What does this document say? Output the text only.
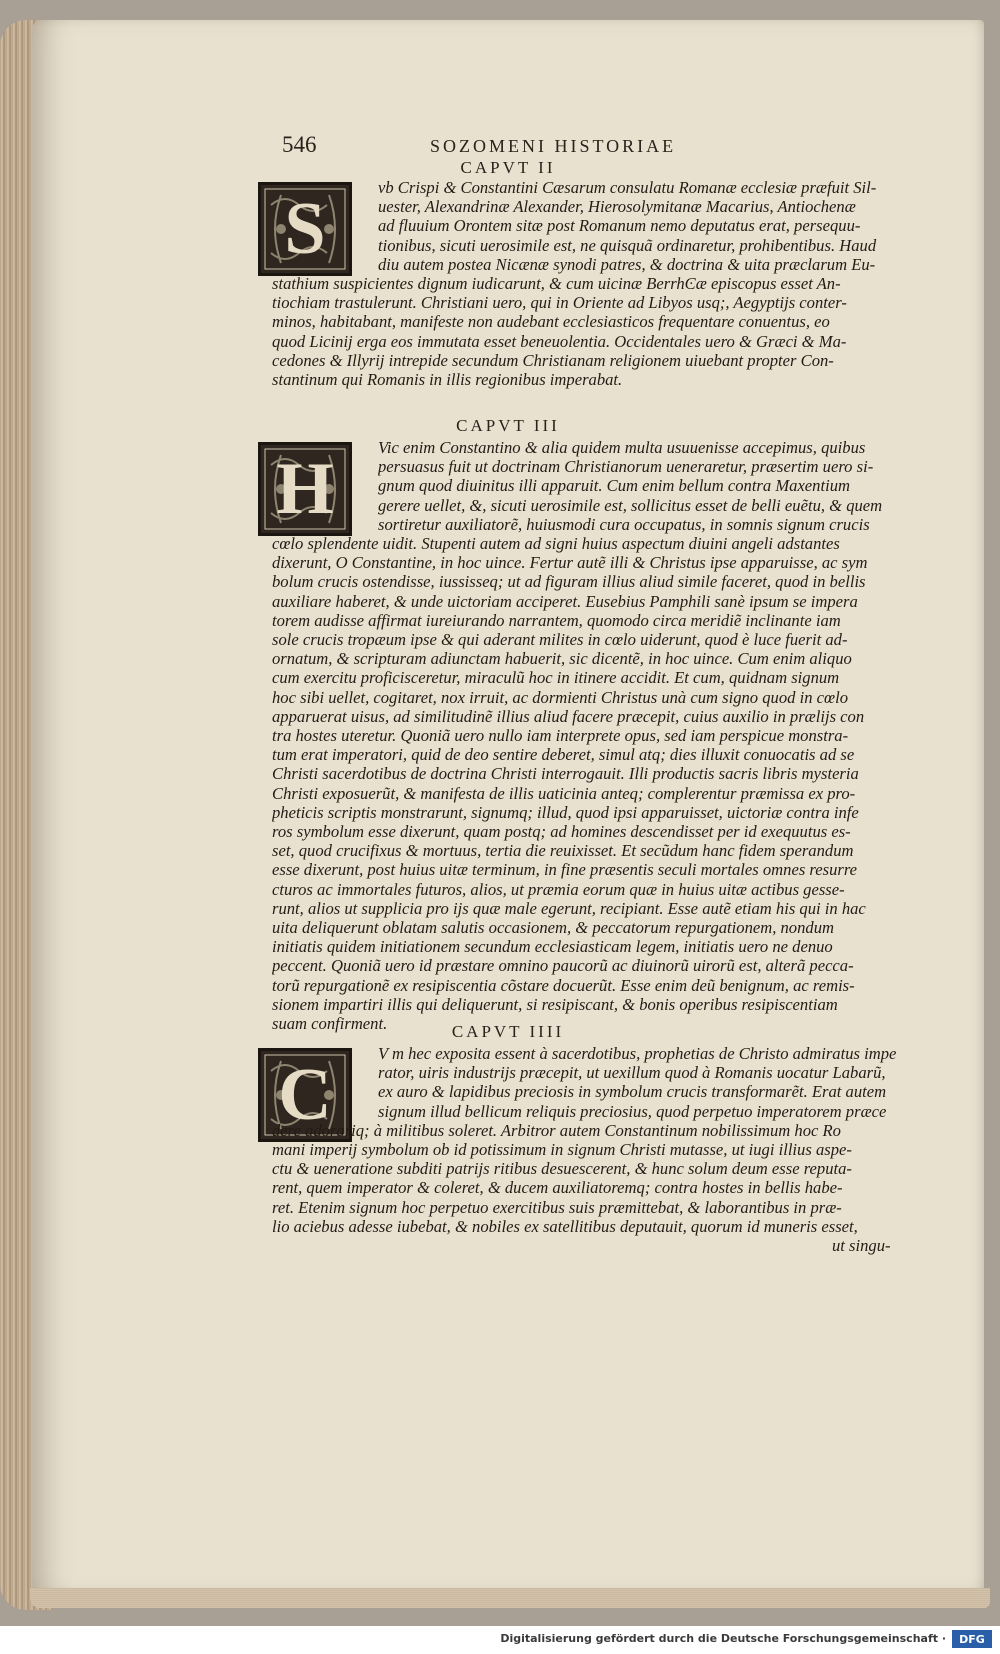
546	SOZOMENI HISTORIAE
CAPVT II
S	vb Crispi & Constantini Cæsarum consulatu Romanæ ecclesiæ præfuit Sil-
uester, Alexandrinæ Alexander, Hierosolymitanæ Macarius, Antiochenæ
ad fluuium Orontem sitæ post Romanum nemo deputatus erat, persequu-
tionibus, sicuti uerosimile est, ne quisquã ordinaretur, prohibentibus. Haud
diu autem postea Nicænæ synodi patres, & doctrina & uita præclarum Eu-
stathium suspicientes dignum iudicarunt, & cum uicinæ BerrhϾæ episcopus esset An-
tiochiam trastulerunt. Christiani uero, qui in Oriente ad Libyos usq;, Aegyptijs conter-
minos, habitabant, manifeste non audebant ecclesiasticos frequentare conuentus, eo
quod Licinij erga eos immutata esset beneuolentia. Occidentales uero & Græci & Ma-
cedones & Illyrij intrepide secundum Christianam religionem uiuebant propter Con-
stantinum qui Romanis in illis regionibus imperabat.
CAPVT III
H	Vic enim Constantino & alia quidem multa usuuenisse accepimus, quibus
persuasus fuit ut doctrinam Christianorum ueneraretur, præsertim uero si-
gnum quod diuinitus illi apparuit. Cum enim bellum contra Maxentium
gerere uellet, &, sicuti uerosimile est, sollicitus esset de belli euẽtu, & quem
sortiretur auxiliatorẽ, huiusmodi cura occupatus, in somnis signum crucis
cœlo splendente uidit. Stupenti autem ad signi huius aspectum diuini angeli adstantes
dixerunt, O Constantine, in hoc uince. Fertur autẽ illi & Christus ipse apparuisse, ac sym
bolum crucis ostendisse, iussisseq; ut ad figuram illius aliud simile faceret, quod in bellis
auxiliare haberet, & unde uictoriam acciperet. Eusebius Pamphili sanè ipsum se impera
torem audisse affirmat iureiurando narrantem, quomodo circa meridiẽ inclinante iam
sole crucis tropæum ipse & qui aderant milites in cœlo uiderunt, quod è luce fuerit ad-
ornatum, & scripturam adiunctam habuerit, sic dicentẽ, in hoc uince. Cum enim aliquo
cum exercitu proficisceretur, miraculũ hoc in itinere accidit. Et cum, quidnam signum
hoc sibi uellet, cogitaret, nox irruit, ac dormienti Christus unà cum signo quod in cœlo
apparuerat uisus, ad similitudinẽ illius aliud facere præcepit, cuius auxilio in prælijs con
tra hostes uteretur. Quoniã uero nullo iam interprete opus, sed iam perspicue monstra-
tum erat imperatori, quid de deo sentire deberet, simul atq; dies illuxit conuocatis ad se
Christi sacerdotibus de doctrina Christi interrogauit. Illi productis sacris libris mysteria
Christi exposuerũt, & manifesta de illis uaticinia anteq; complerentur præmissa ex pro-
pheticis scriptis monstrarunt, signumq; illud, quod ipsi apparuisset, uictoriæ contra infe
ros symbolum esse dixerunt, quam postq; ad homines descendisset per id exequutus es-
set, quod crucifixus & mortuus, tertia die reuixisset. Et secũdum hanc fidem sperandum
esse dixerunt, post huius uitæ terminum, in fine præsentis seculi mortales omnes resurre
cturos ac immortales futuros, alios, ut præmia eorum quæ in huius uitæ actibus gesse-
runt, alios ut supplicia pro ijs quæ male egerunt, recipiant. Esse autẽ etiam his qui in hac
uita deliquerunt oblatam salutis occasionem, & peccatorum repurgationem, nondum
initiatis quidem initiationem secundum ecclesiasticam legem, initiatis uero ne denuo
peccent. Quoniã uero id præstare omnino paucorũ ac diuinorũ uirorũ est, alterã pecca-
torũ repurgationẽ ex resipiscentia cõstare docuerũt. Esse enim deũ benignum, ac remis-
sionem impartiri illis qui deliquerunt, si resipiscant, & bonis operibus resipiscentiam
suam confirment.	CAPVT IIII
C	V m hec exposita essent à sacerdotibus, prophetias de Christo admiratus impe
rator, uiris industrijs præcepit, ut uexillum quod à Romanis uocatur Labarũ,
ex auro & lapidibus preciosis in symbolum crucis transformarẽt. Erat autem
signum illud bellicum reliquis preciosius, quod perpetuo imperatorem præce
dere adorariq; à militibus soleret. Arbitror autem Constantinum nobilissimum hoc Ro
mani imperij symbolum ob id potissimum in signum Christi mutasse, ut iugi illius aspe-
ctu & ueneratione subditi patrijs ritibus desuescerent, & hunc solum deum esse reputa-
rent, quem imperator & coleret, & ducem auxiliatoremq; contra hostes in bellis habe-
ret. Etenim signum hoc perpetuo exercitibus suis præmittebat, & laborantibus in præ-
lio aciebus adesse iubebat, & nobiles ex satellitibus deputauit, quorum id muneris esset,
ut singu-
Digitalisierung gefördert durch die Deutsche Forschungsgemeinschaft ·	DFG
